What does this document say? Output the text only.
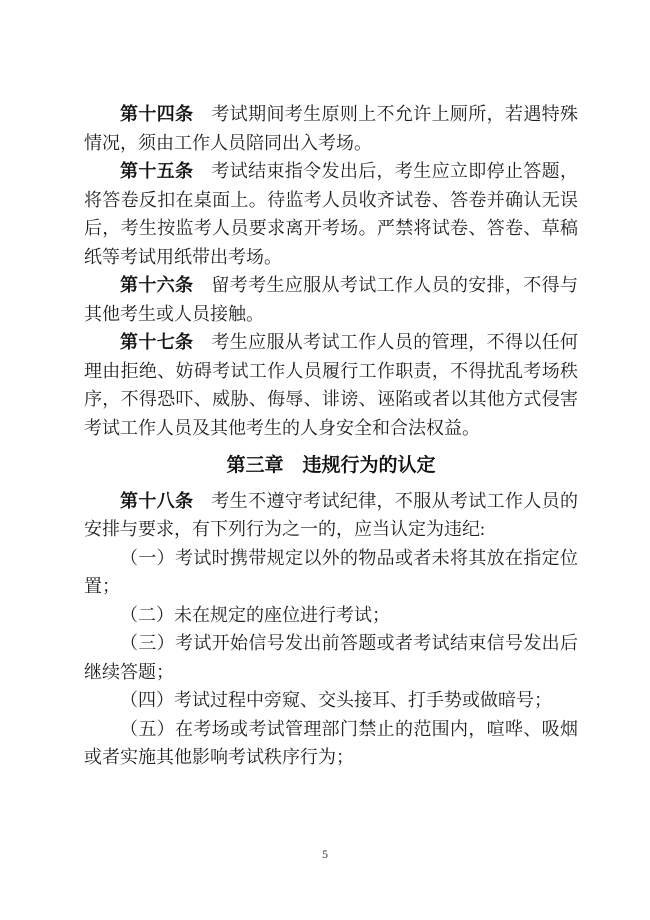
第十四条 考试期间考生原则上不允许上厕所，若遇特殊情况，须由工作人员陪同出入考场。

第十五条 考试结束指令发出后，考生应立即停止答题，将答卷反扣在桌面上。待监考人员收齐试卷、答卷并确认无误后，考生按监考人员要求离开考场。严禁将试卷、答卷、草稿纸等考试用纸带出考场。

第十六条 留考考生应服从考试工作人员的安排，不得与其他考生或人员接触。

第十七条 考生应服从考试工作人员的管理，不得以任何理由拒绝、妨碍考试工作人员履行工作职责，不得扰乱考场秩序，不得恐吓、威胁、侮辱、诽谤、诬陷或者以其他方式侵害考试工作人员及其他考生的人身安全和合法权益。

第三章　违规行为的认定

第十八条 考生不遵守考试纪律，不服从考试工作人员的安排与要求，有下列行为之一的，应当认定为违纪:

（一）考试时携带规定以外的物品或者未将其放在指定位置；

（二）未在规定的座位进行考试；

（三）考试开始信号发出前答题或者考试结束信号发出后继续答题；

（四）考试过程中旁窥、交头接耳、打手势或做暗号；

（五）在考场或考试管理部门禁止的范围内，喧哗、吸烟或者实施其他影响考试秩序行为；

5
